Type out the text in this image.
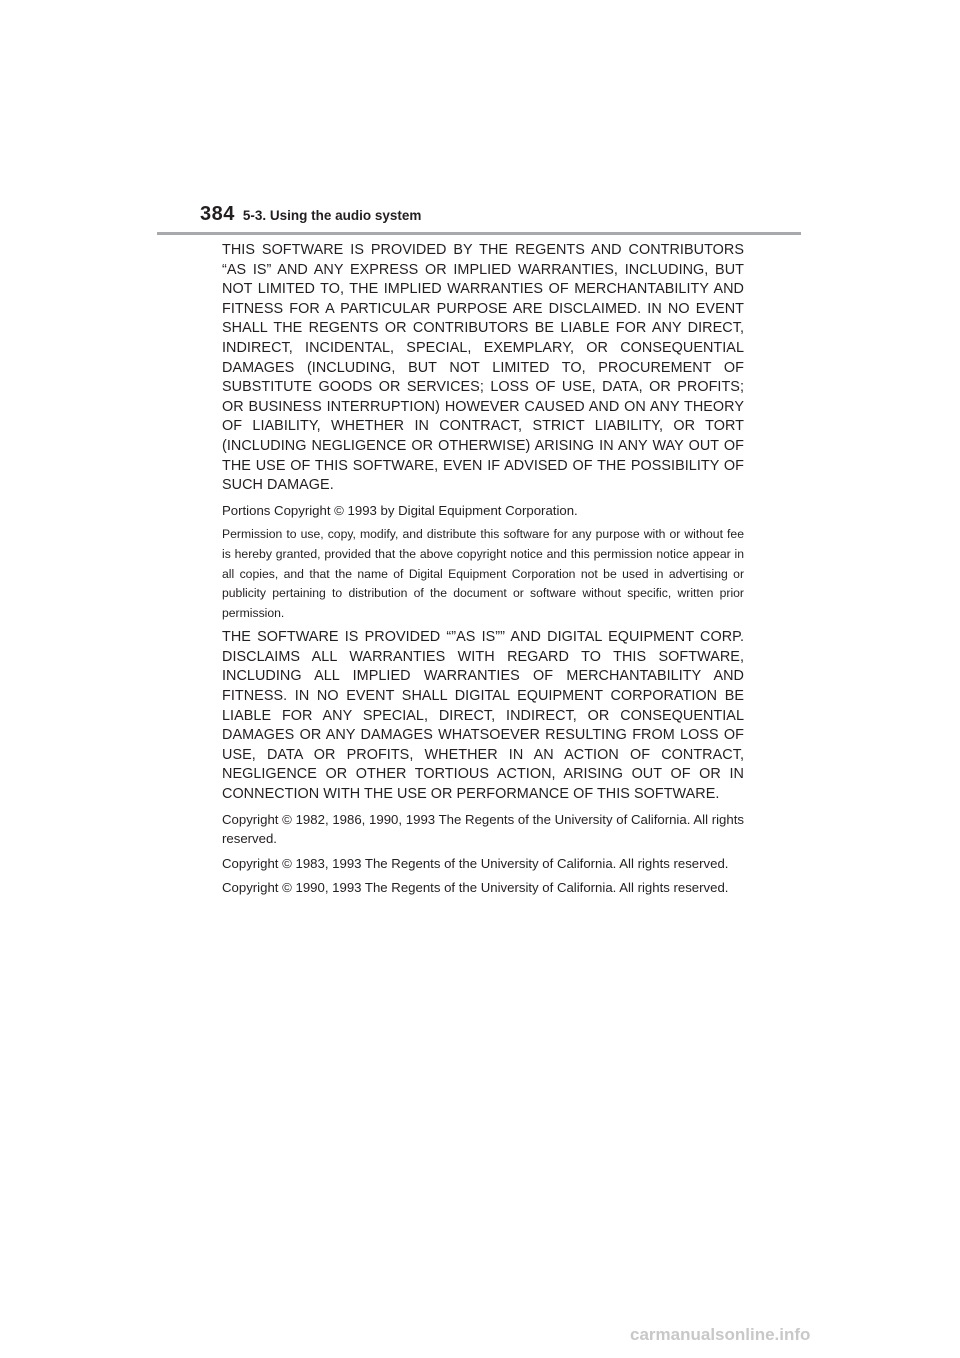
384 5-3. Using the audio system

THIS SOFTWARE IS PROVIDED BY THE REGENTS AND CONTRIBUTORS “AS IS” AND ANY EXPRESS OR IMPLIED WARRANTIES, INCLUDING, BUT NOT LIMITED TO, THE IMPLIED WARRANTIES OF MERCHANTABILITY AND FITNESS FOR A PARTICULAR PURPOSE ARE DISCLAIMED. IN NO EVENT SHALL THE REGENTS OR CONTRIBUTORS BE LIABLE FOR ANY DIRECT, INDIRECT, INCIDENTAL, SPECIAL, EXEMPLARY, OR CONSEQUENTIAL DAMAGES (INCLUDING, BUT NOT LIMITED TO, PROCUREMENT OF SUBSTITUTE GOODS OR SERVICES; LOSS OF USE, DATA, OR PROFITS; OR BUSINESS INTERRUPTION) HOWEVER CAUSED AND ON ANY THEORY OF LIABILITY, WHETHER IN CONTRACT, STRICT LIABILITY, OR TORT (INCLUDING NEGLIGENCE OR OTHERWISE) ARISING IN ANY WAY OUT OF THE USE OF THIS SOFTWARE, EVEN IF ADVISED OF THE POSSIBILITY OF SUCH DAMAGE.

Portions Copyright © 1993 by Digital Equipment Corporation.

Permission to use, copy, modify, and distribute this software for any purpose with or without fee is hereby granted, provided that the above copyright notice and this permission notice appear in all copies, and that the name of Digital Equipment Corporation not be used in advertising or publicity pertaining to distribution of the document or software without specific, written prior permission.

THE SOFTWARE IS PROVIDED “”AS IS”” AND DIGITAL EQUIPMENT CORP. DISCLAIMS ALL WARRANTIES WITH REGARD TO THIS SOFTWARE, INCLUDING ALL IMPLIED WARRANTIES OF MERCHANTABILITY AND FITNESS. IN NO EVENT SHALL DIGITAL EQUIPMENT CORPORATION BE LIABLE FOR ANY SPECIAL, DIRECT, INDIRECT, OR CONSEQUENTIAL DAMAGES OR ANY DAMAGES WHATSOEVER RESULTING FROM LOSS OF USE, DATA OR PROFITS, WHETHER IN AN ACTION OF CONTRACT, NEGLIGENCE OR OTHER TORTIOUS ACTION, ARISING OUT OF OR IN CONNECTION WITH THE USE OR PERFORMANCE OF THIS SOFTWARE.

Copyright © 1982, 1986, 1990, 1993 The Regents of the University of California. All rights reserved.

Copyright © 1983, 1993 The Regents of the University of California. All rights reserved.

Copyright © 1990, 1993 The Regents of the University of California. All rights reserved.

carmanualsonline.info
